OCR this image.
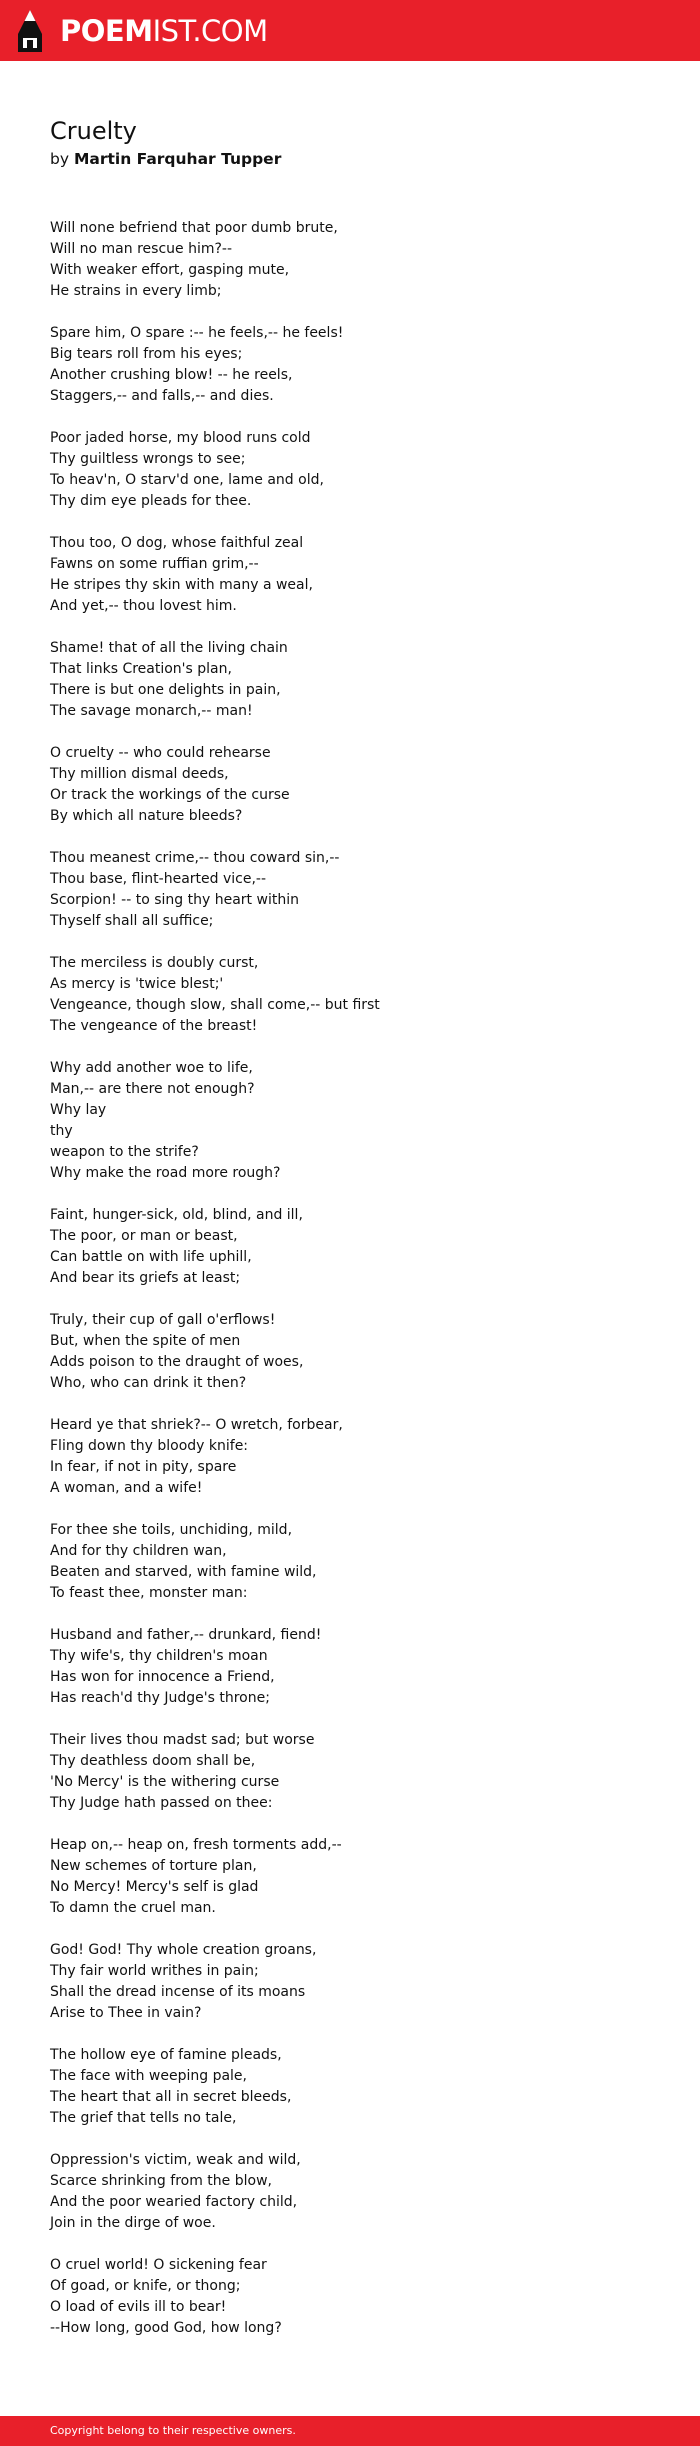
POEMIST.COM
Cruelty
by Martin Farquhar Tupper
Will none befriend that poor dumb brute,
Will no man rescue him?--
With weaker effort, gasping mute,
He strains in every limb;
Spare him, O spare :-- he feels,-- he feels!
Big tears roll from his eyes;
Another crushing blow! -- he reels,
Staggers,-- and falls,-- and dies.
Poor jaded horse, my blood runs cold
Thy guiltless wrongs to see;
To heav'n, O starv'd one, lame and old,
Thy dim eye pleads for thee.
Thou too, O dog, whose faithful zeal
Fawns on some ruffian grim,--
He stripes thy skin with many a weal,
And yet,-- thou lovest him.
Shame! that of all the living chain
That links Creation's plan,
There is but one delights in pain,
The savage monarch,-- man!
O cruelty -- who could rehearse
Thy million dismal deeds,
Or track the workings of the curse
By which all nature bleeds?
Thou meanest crime,-- thou coward sin,--
Thou base, flint-hearted vice,--
Scorpion! -- to sing thy heart within
Thyself shall all suffice;
The merciless is doubly curst,
As mercy is 'twice blest;'
Vengeance, though slow, shall come,-- but first
The vengeance of the breast!
Why add another woe to life,
Man,-- are there not enough?
Why lay
thy
weapon to the strife?
Why make the road more rough?
Faint, hunger-sick, old, blind, and ill,
The poor, or man or beast,
Can battle on with life uphill,
And bear its griefs at least;
Truly, their cup of gall o'erflows!
But, when the spite of men
Adds poison to the draught of woes,
Who, who can drink it then?
Heard ye that shriek?-- O wretch, forbear,
Fling down thy bloody knife:
In fear, if not in pity, spare
A woman, and a wife!
For thee she toils, unchiding, mild,
And for thy children wan,
Beaten and starved, with famine wild,
To feast thee, monster man:
Husband and father,-- drunkard, fiend!
Thy wife's, thy children's moan
Has won for innocence a Friend,
Has reach'd thy Judge's throne;
Their lives thou madst sad; but worse
Thy deathless doom shall be,
'No Mercy' is the withering curse
Thy Judge hath passed on thee:
Heap on,-- heap on, fresh torments add,--
New schemes of torture plan,
No Mercy! Mercy's self is glad
To damn the cruel man.
God! God! Thy whole creation groans,
Thy fair world writhes in pain;
Shall the dread incense of its moans
Arise to Thee in vain?
The hollow eye of famine pleads,
The face with weeping pale,
The heart that all in secret bleeds,
The grief that tells no tale,
Oppression's victim, weak and wild,
Scarce shrinking from the blow,
And the poor wearied factory child,
Join in the dirge of woe.
O cruel world! O sickening fear
Of goad, or knife, or thong;
O load of evils ill to bear!
--How long, good God, how long?
Copyright belong to their respective owners.
